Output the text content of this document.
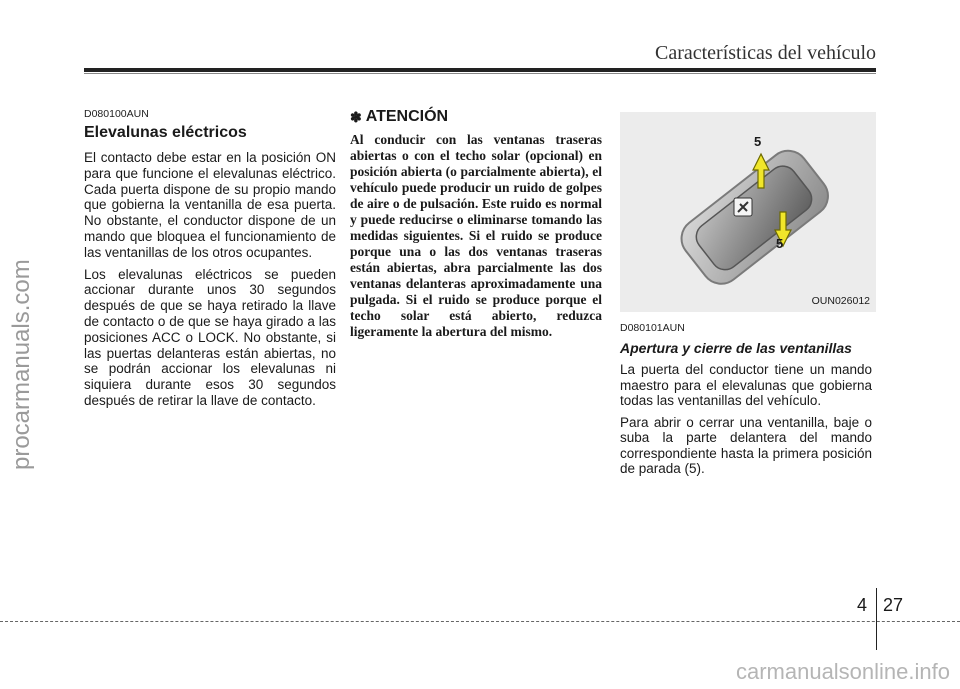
Características del vehículo
procarmanuals.com
D080100AUN
Elevalunas eléctricos

El contacto debe estar en la posición ON para que funcione el elevalunas eléctrico. Cada puerta dispone de su propio mando que gobierna la ventanilla de esa puerta. No obstante, el conductor dispone de un mando que bloquea el funcionamiento de las ventanillas de los otros ocupantes.

Los elevalunas eléctricos se pueden accionar durante unos 30 segundos después de que se haya retirado la llave de contacto o de que se haya girado a las posiciones ACC o LOCK. No obstante, si las puertas delanteras están abiertas, no se podrán accionar los elevalunas ni siquiera durante esos 30 segundos después de retirar la llave de contacto.

✽ ATENCIÓN

Al conducir con las ventanas traseras abiertas o con el techo solar (opcional) en posición abierta (o parcialmente abierta), el vehículo puede producir un ruido de golpes de aire o de pulsación. Este ruido es normal y puede reducirse o eliminarse tomando las medidas siguientes. Si el ruido se produce porque una o las dos ventanas traseras están abiertas, abra parcialmente las dos ventanas delanteras aproximadamente una pulgada. Si el ruido se produce porque el techo solar está abierto, reduzca ligeramente la abertura del mismo.

5
5
OUN026012
D080101AUN
Apertura y cierre de las ventanillas

La puerta del conductor tiene un mando maestro para el elevalunas que gobierna todas las ventanillas del vehículo.

Para abrir o cerrar una ventanilla, baje o suba la parte delantera del mando correspondiente hasta la primera posición de parada (5).

4 27
carmanualsonline.info
